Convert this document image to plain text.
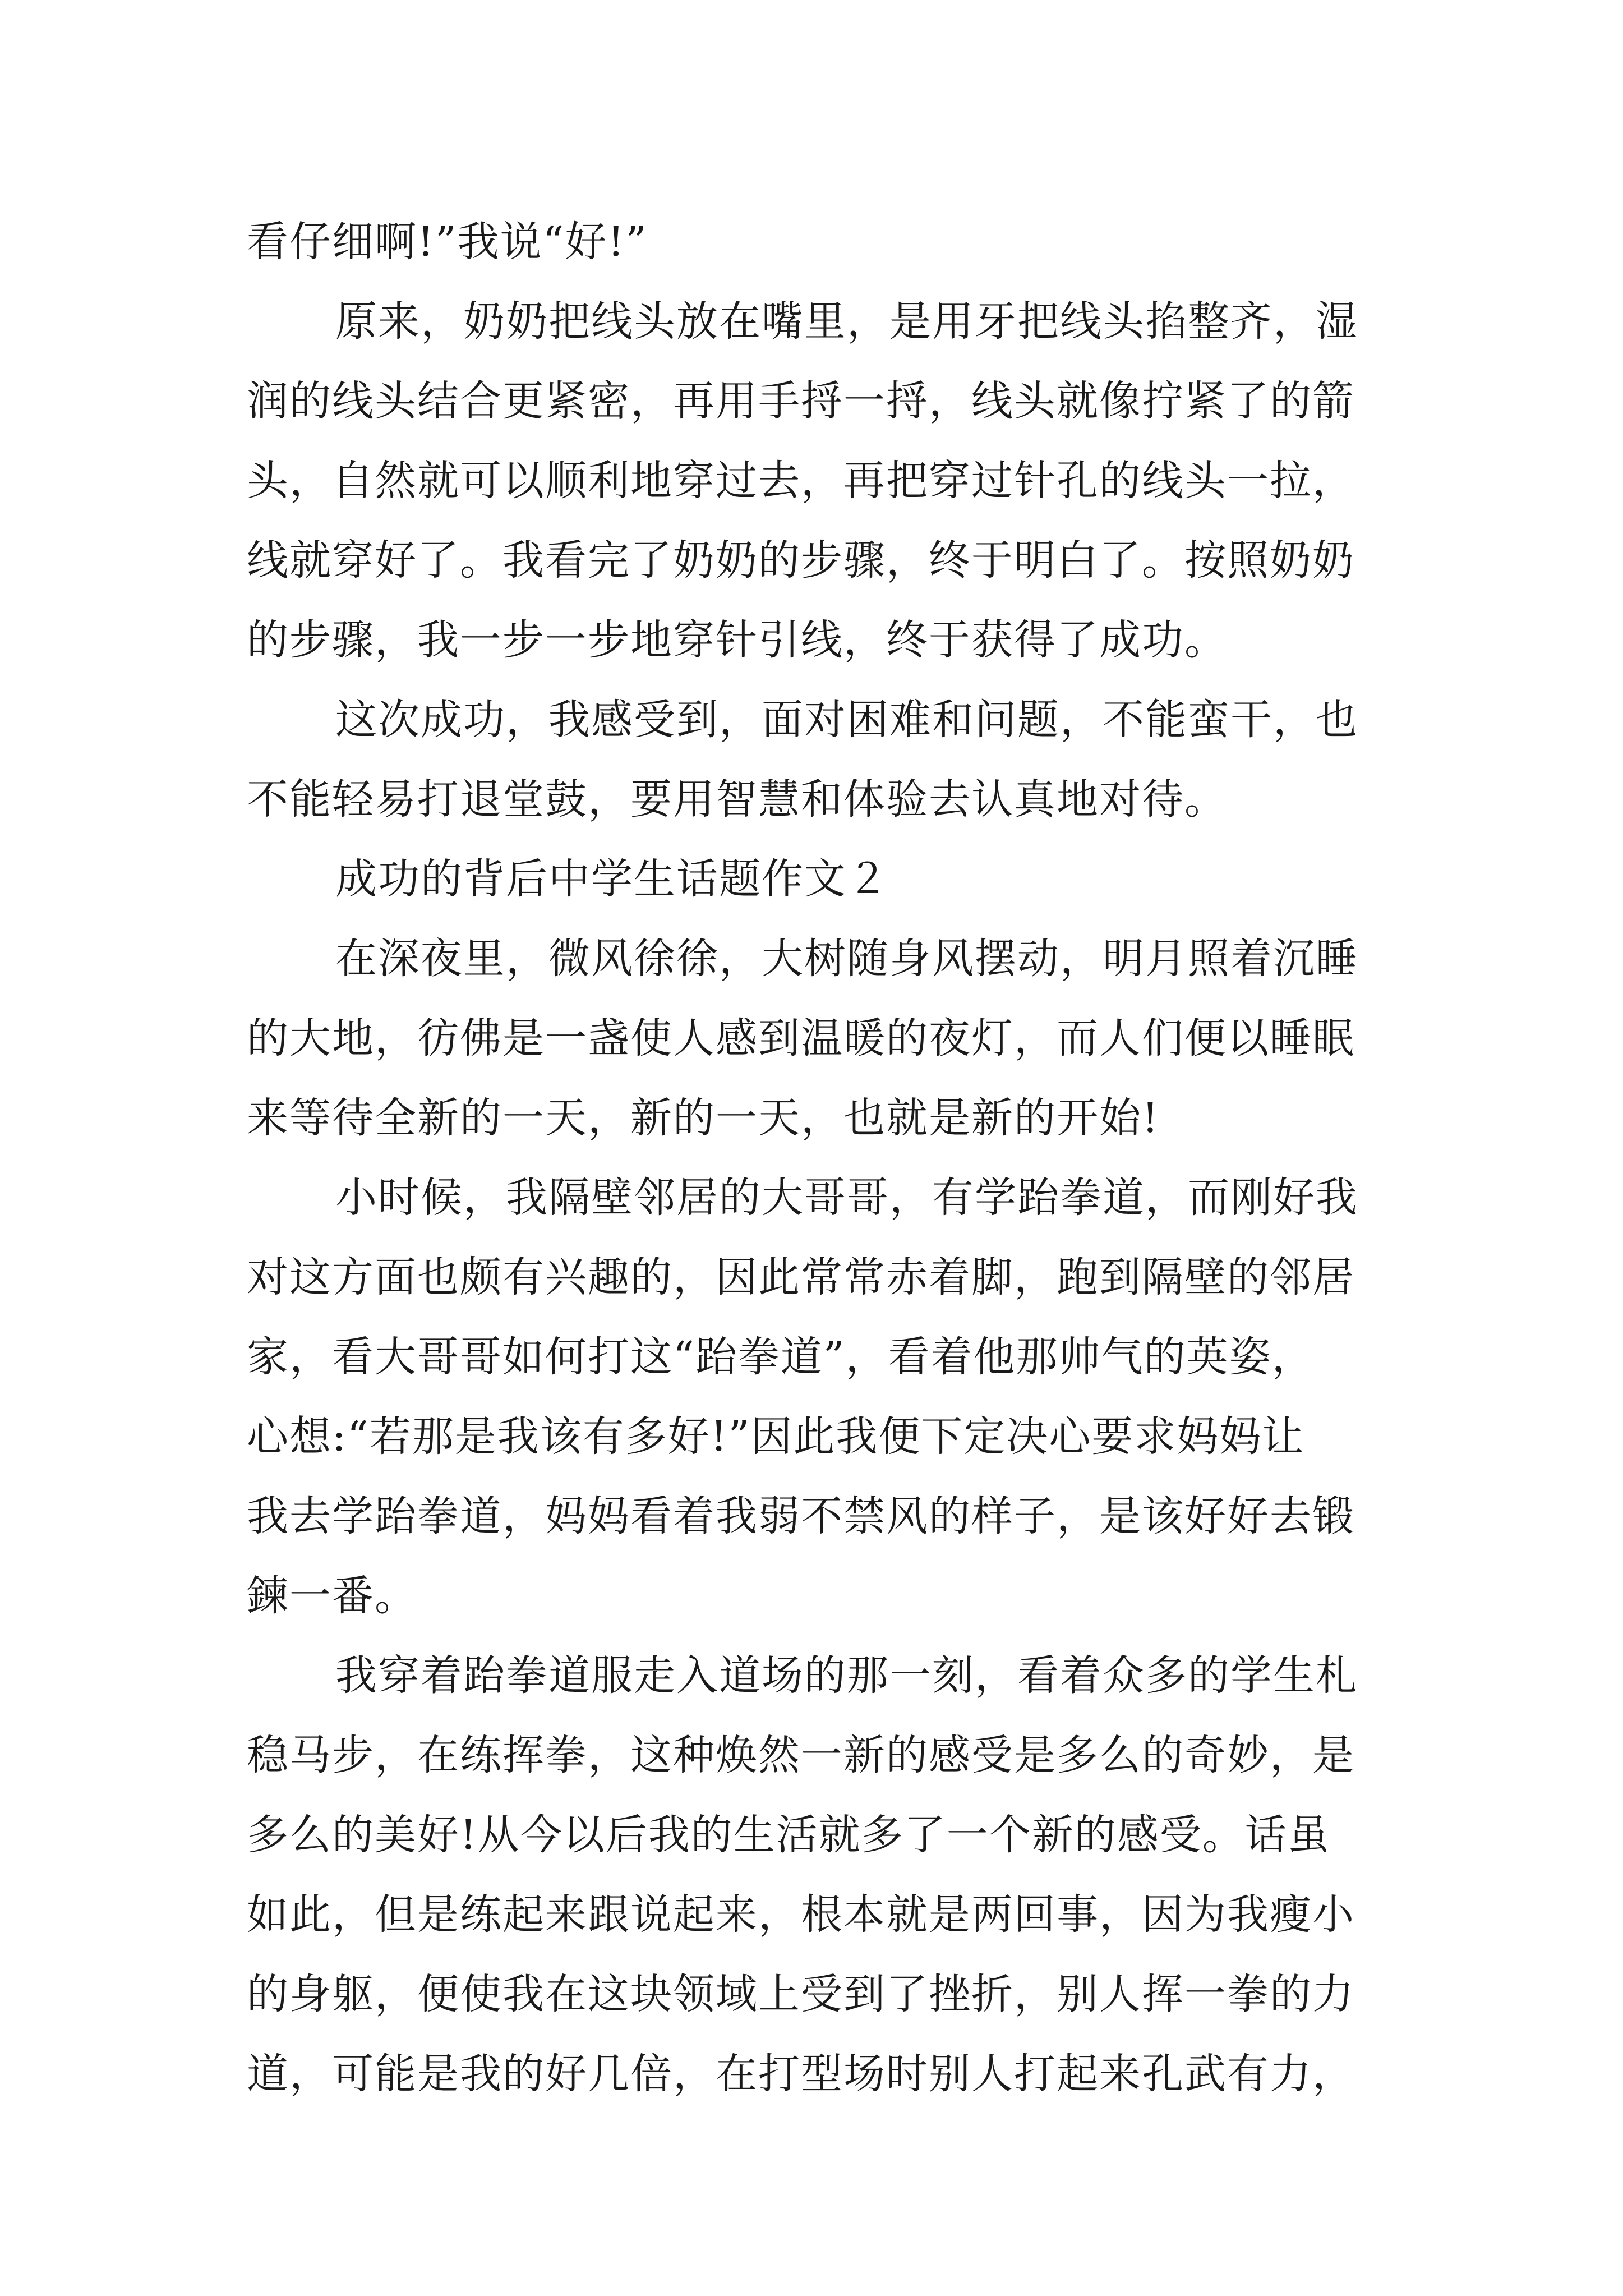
看仔细啊!”我说“好!”
原来，奶奶把线头放在嘴里，是用牙把线头掐整齐，湿
润的线头结合更紧密，再用手捋一捋，线头就像拧紧了的箭
头，自然就可以顺利地穿过去，再把穿过针孔的线头一拉，
线就穿好了。我看完了奶奶的步骤，终于明白了。按照奶奶
的步骤，我一步一步地穿针引线，终于获得了成功。
这次成功，我感受到，面对困难和问题，不能蛮干，也
不能轻易打退堂鼓，要用智慧和体验去认真地对待。
成功的背后中学生话题作文２
在深夜里，微风徐徐，大树随身风摆动，明月照着沉睡
的大地，彷佛是一盏使人感到温暖的夜灯，而人们便以睡眠
来等待全新的一天，新的一天，也就是新的开始!
小时候，我隔壁邻居的大哥哥，有学跆拳道，而刚好我
对这方面也颇有兴趣的，因此常常赤着脚，跑到隔壁的邻居
家，看大哥哥如何打这“跆拳道”，看着他那帅气的英姿，
心想:“若那是我该有多好!”因此我便下定决心要求妈妈让
我去学跆拳道，妈妈看着我弱不禁风的样子，是该好好去锻
鍊一番。
我穿着跆拳道服走入道场的那一刻，看着众多的学生札
稳马步，在练挥拳，这种焕然一新的感受是多么的奇妙，是
多么的美好!从今以后我的生活就多了一个新的感受。话虽
如此，但是练起来跟说起来，根本就是两回事，因为我瘦小
的身躯，便使我在这块领域上受到了挫折，别人挥一拳的力
道，可能是我的好几倍，在打型场时别人打起来孔武有力，
